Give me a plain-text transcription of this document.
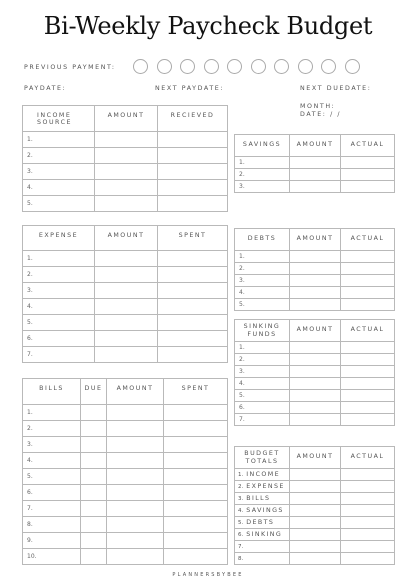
Bi-Weekly Paycheck Budget
PREVIOUS PAYMENT:
PAYDATE:	NEXT PAYDATE:	NEXT DUEDATE:
MONTH:
DATE: / /
INCOME SOURCE	AMOUNT	RECIEVED
1.		
2.		
3.		
4.		
5.		
EXPENSE	AMOUNT	SPENT
1.		
2.		
3.		
4.		
5.		
6.		
7.		
BILLS	DUE	AMOUNT	SPENT
1.			
2.			
3.			
4.			
5.			
6.			
7.			
8.			
9.			
10.			
SAVINGS	AMOUNT	ACTUAL
1.		
2.		
3.		
DEBTS	AMOUNT	ACTUAL
1.		
2.		
3.		
4.		
5.		
SINKING FUNDS	AMOUNT	ACTUAL
1.		
2.		
3.		
4.		
5.		
6.		
7.		
BUDGET TOTALS	AMOUNT	ACTUAL
1. INCOME		
2. EXPENSE		
3. BILLS		
4. SAVINGS		
5. DEBTS		
6. SINKING		
7.		
8.		
PLANNERSBYBEE
